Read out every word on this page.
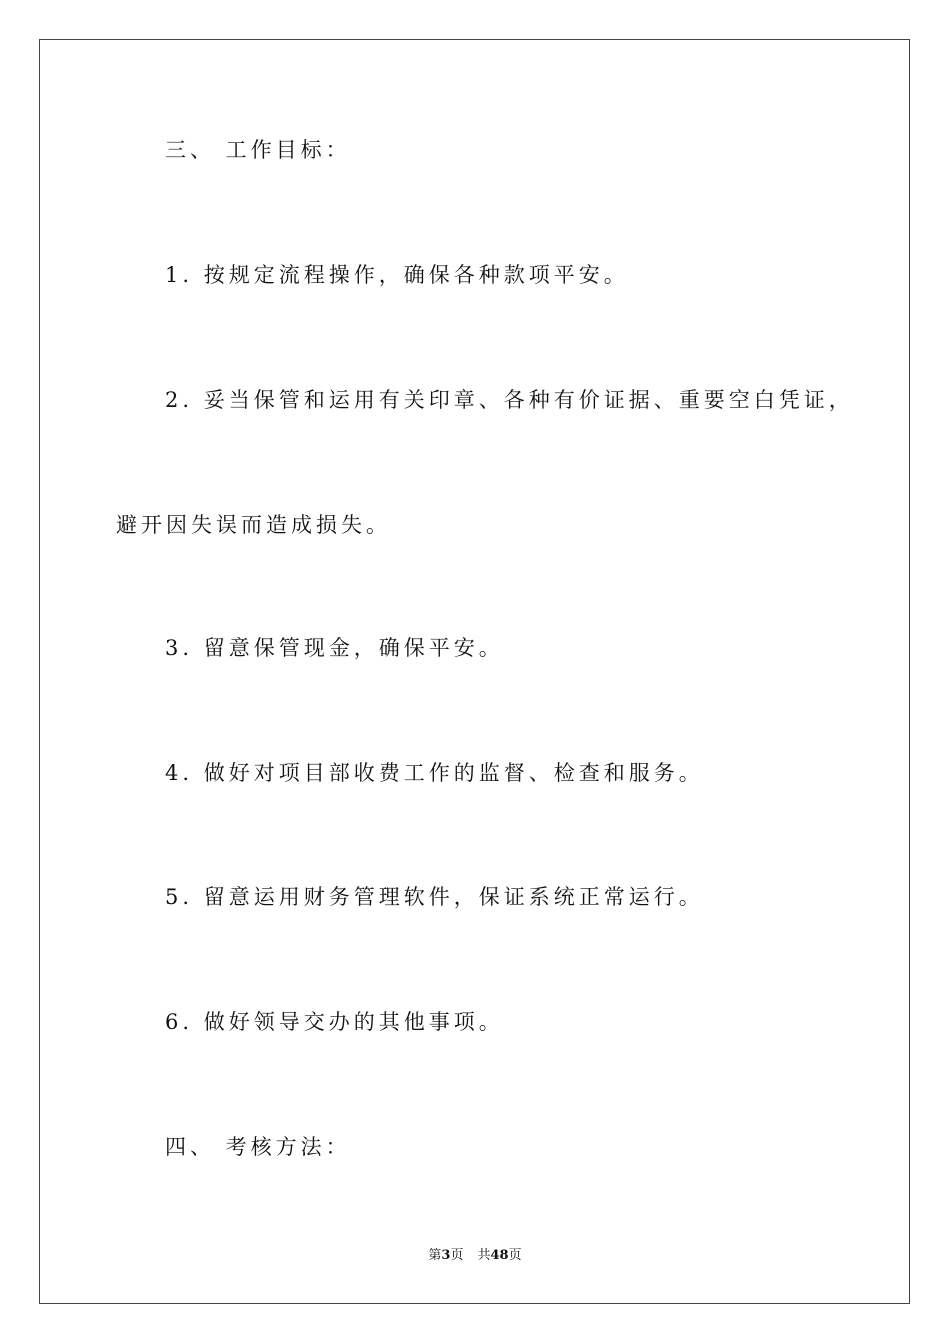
三、 工作目标：
1. 按规定流程操作，确保各种款项平安。
2. 妥当保管和运用有关印章、各种有价证据、重要空白凭证，
避开因失误而造成损失。
3. 留意保管现金，确保平安。
4. 做好对项目部收费工作的监督、检查和服务。
5. 留意运用财务管理软件，保证系统正常运行。
6. 做好领导交办的其他事项。
四、 考核方法：
第3页 共48页
